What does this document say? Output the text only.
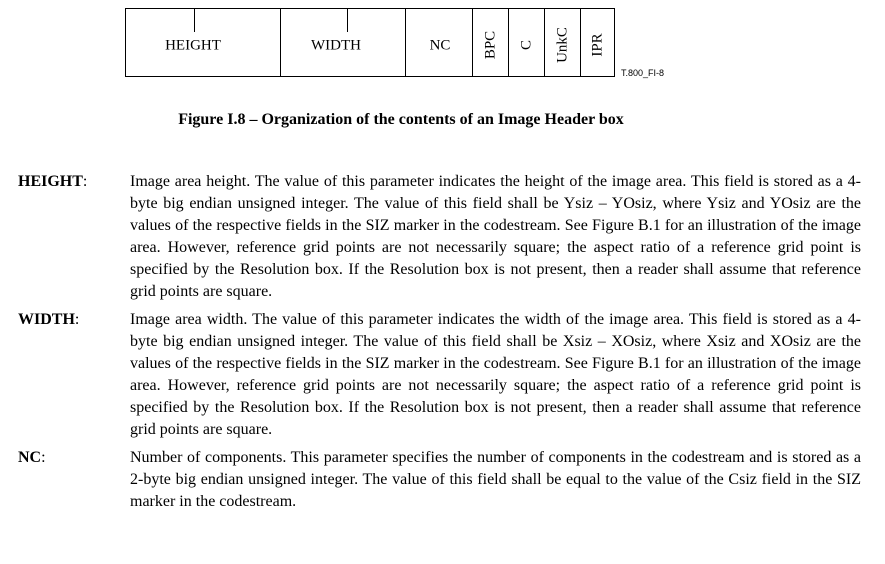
HEIGHT	WIDTH	NC BPC C UnkC IPR
T.800_FI-8
Figure I.8 – Organization of the contents of an Image Header box
HEIGHT:	Image area height. The value of this parameter indicates the height of the image area. This field is stored as a 4-byte big endian unsigned integer. The value of this field shall be Ysiz – YOsiz, where Ysiz and YOsiz are the values of the respective fields in the SIZ marker in the codestream. See Figure B.1 for an illustration of the image area. However, reference grid points are not necessarily square; the aspect ratio of a reference grid point is specified by the Resolution box. If the Resolution box is not present, then a reader shall assume that reference grid points are square.
WIDTH:	Image area width. The value of this parameter indicates the width of the image area. This field is stored as a 4-byte big endian unsigned integer. The value of this field shall be Xsiz – XOsiz, where Xsiz and XOsiz are the values of the respective fields in the SIZ marker in the codestream. See Figure B.1 for an illustration of the image area. However, reference grid points are not necessarily square; the aspect ratio of a reference grid point is specified by the Resolution box. If the Resolution box is not present, then a reader shall assume that reference grid points are square.
NC:	Number of components. This parameter specifies the number of components in the codestream and is stored as a 2-byte big endian unsigned integer. The value of this field shall be equal to the value of the Csiz field in the SIZ marker in the codestream.
